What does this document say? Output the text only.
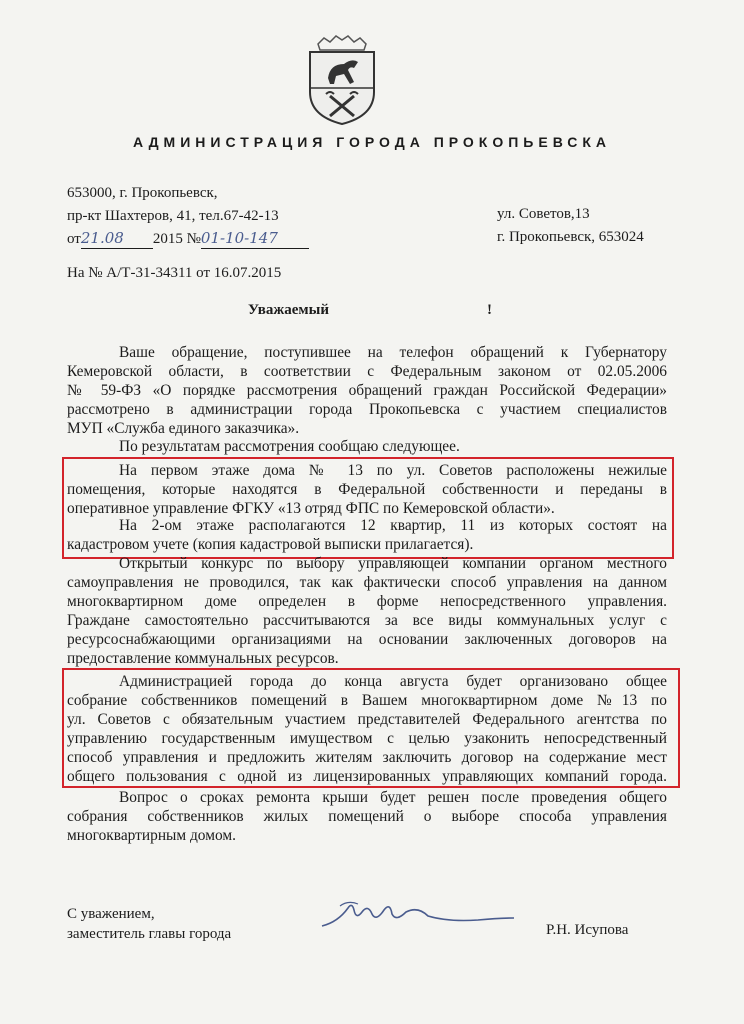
АДМИНИСТРАЦИЯ ГОРОДА ПРОКОПЬЕВСКА
653000, г. Прокопьевск,
пр-кт Шахтеров, 41, тел.67-42-13
от21.08 2015 №01-10-147
ул. Советов,13
г. Прокопьевск, 653024
На № А/Т-31-34311 от 16.07.2015
Уважаемый	!
Ваше обращение, поступившее на телефон обращений к Губернатору
Кемеровской области, в соответствии с Федеральным законом от 02.05.2006
№ 59-ФЗ «О порядке рассмотрения обращений граждан Российской Федерации»
рассмотрено в администрации города Прокопьевска с участием специалистов
МУП «Служба единого заказчика».
По результатам рассмотрения сообщаю следующее.
На первом этаже дома № 13 по ул. Советов расположены нежилые
помещения, которые находятся в Федеральной собственности и переданы в
оперативное управление ФГКУ «13 отряд ФПС по Кемеровской области».
На 2-ом этаже располагаются 12 квартир, 11 из которых состоят на
кадастровом учете (копия кадастровой выписки прилагается).
Открытый конкурс по выбору управляющей компании органом местного
самоуправления не проводился, так как фактически способ управления на данном
многоквартирном доме определен в форме непосредственного управления.
Граждане самостоятельно рассчитываются за все виды коммунальных услуг с
ресурсоснабжающими организациями на основании заключенных договоров на
предоставление коммунальных ресурсов.
Администрацией города до конца августа будет организовано общее
собрание собственников помещений в Вашем многоквартирном доме №13 по
ул. Советов с обязательным участием представителей Федерального агентства по
управлению государственным имуществом с целью узаконить непосредственный
способ управления и предложить жителям заключить договор на содержание мест
общего пользования с одной из лицензированных управляющих компаний города.
Вопрос о сроках ремонта крыши будет решен после проведения общего
собрания собственников жилых помещений о выборе способа управления
многоквартирным домом.
С уважением,
заместитель главы города	Р.Н. Исупова
